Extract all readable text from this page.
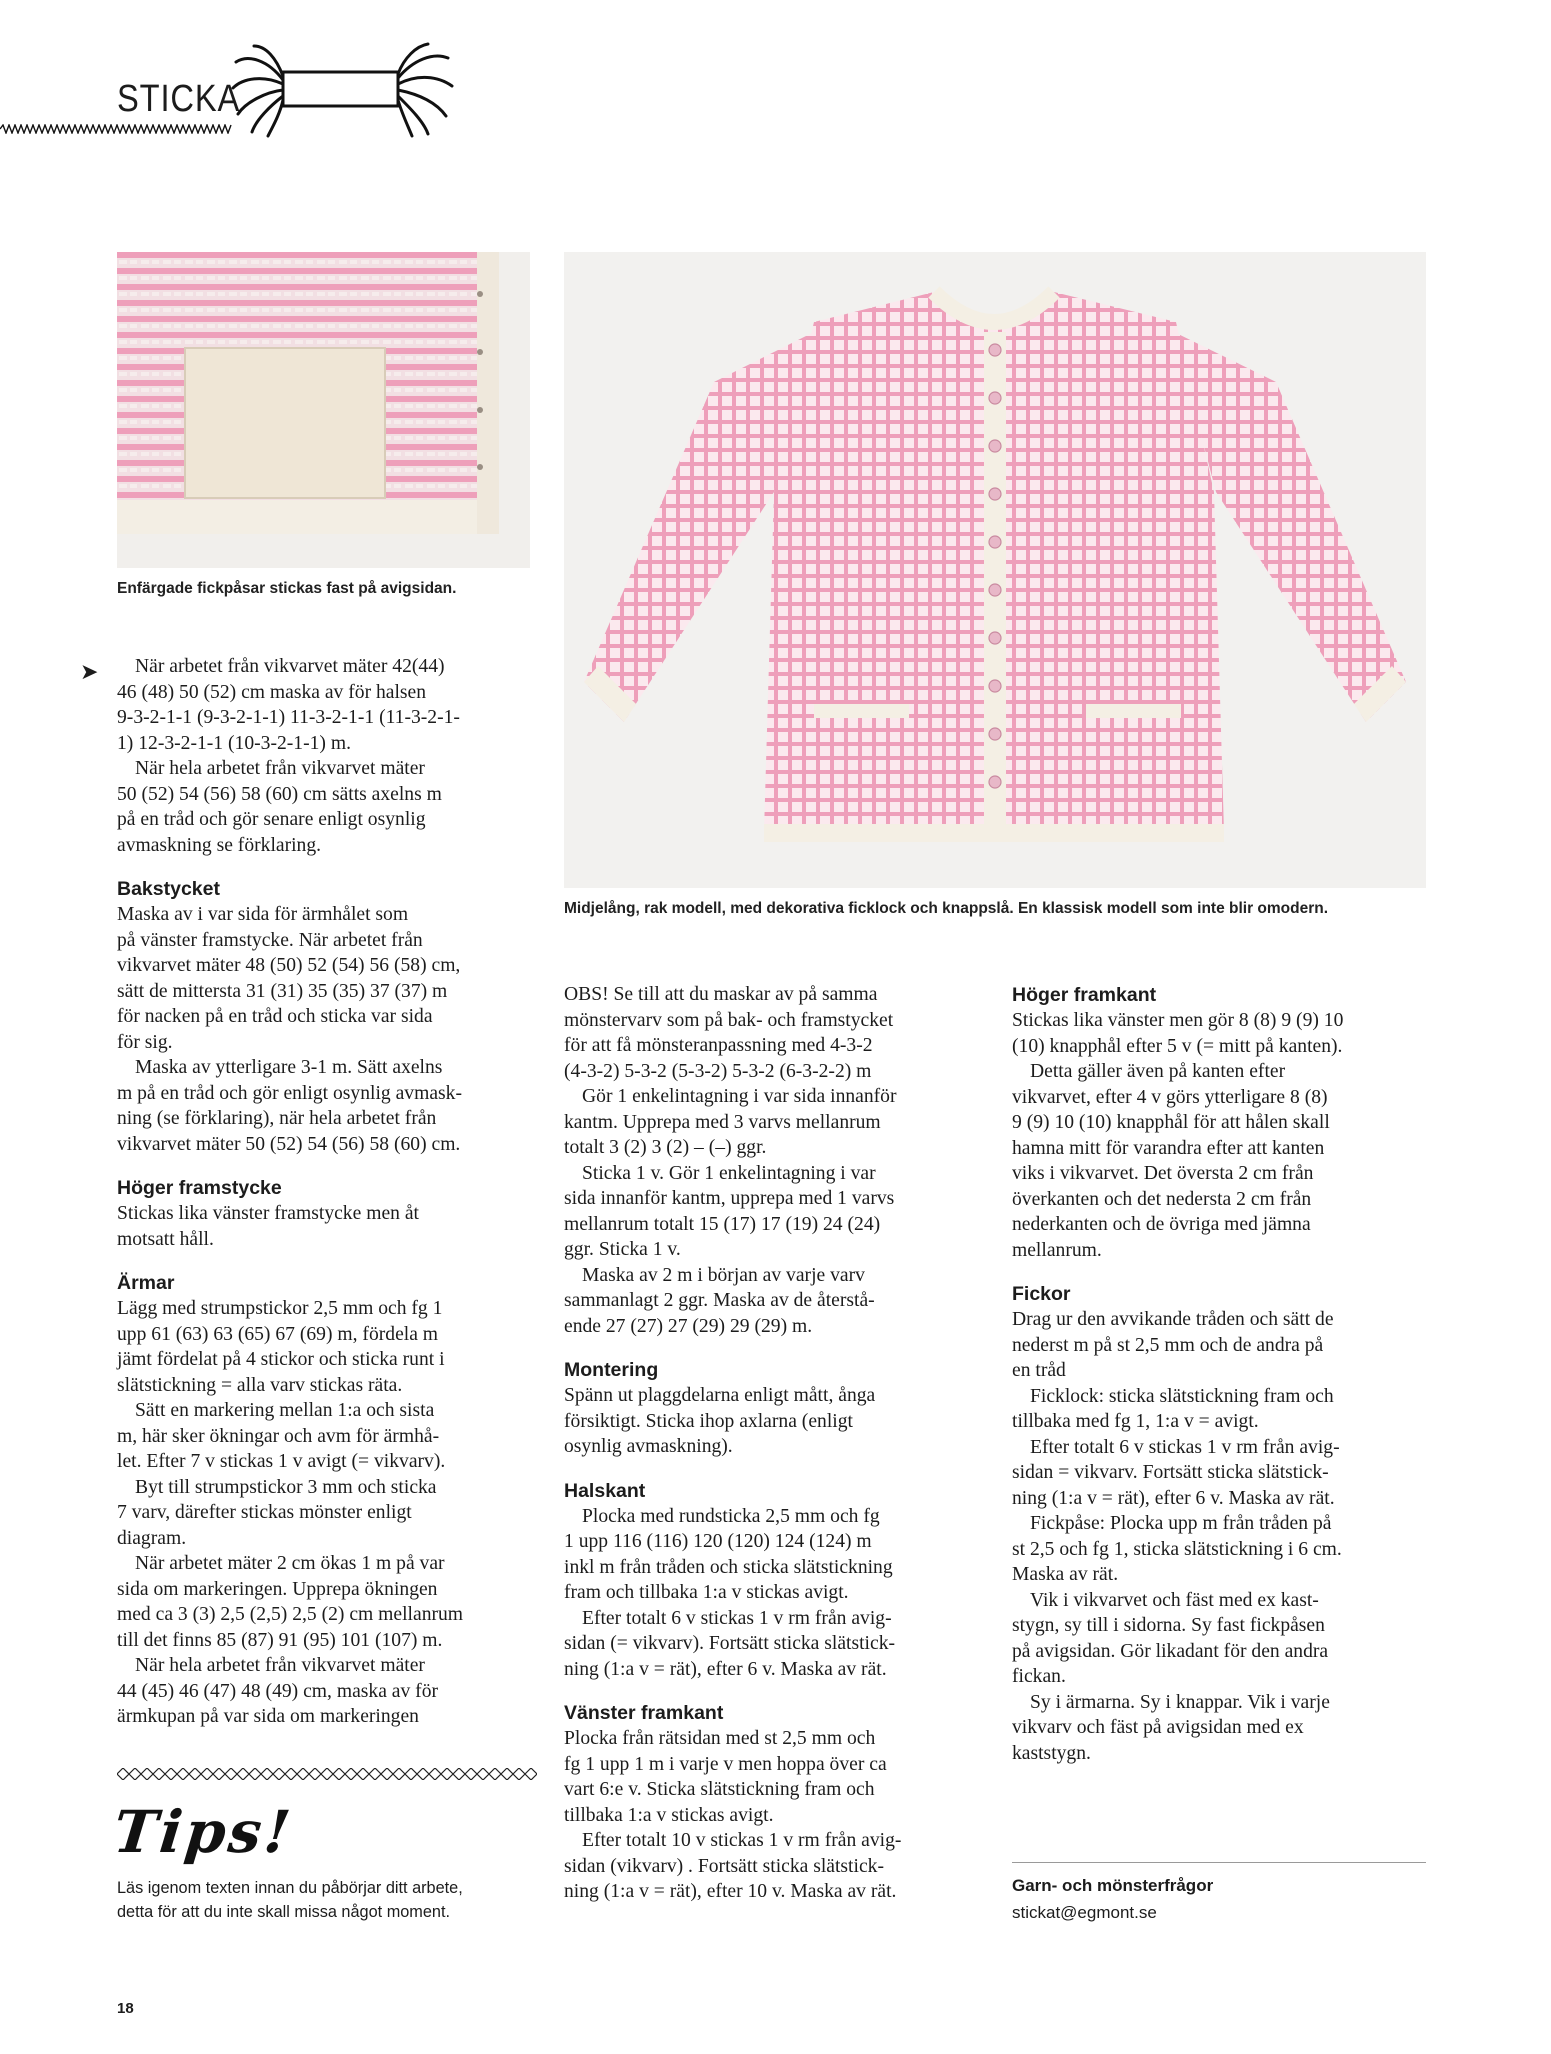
STICKA

Enfärgade fickpåsar stickas fast på avigsidan.

Midjelång, rak modell, med dekorativa ficklock och knappslå. En klassisk modell som inte blir omodern.

➤	När arbetet från vikvarvet mäter 42(44)
46 (48) 50 (52) cm maska av för halsen
9-3-2-1-1 (9-3-2-1-1) 11-3-2-1-1 (11-3-2-1-
1) 12-3-2-1-1 (10-3-2-1-1) m.

När hela arbetet från vikvarvet mäter
50 (52) 54 (56) 58 (60) cm sätts axelns m
på en tråd och gör senare enligt osynlig
avmaskning se förklaring.

Bakstycket

Maska av i var sida för ärmhålet som
på vänster framstycke. När arbetet från
vikvarvet mäter 48 (50) 52 (54) 56 (58) cm,
sätt de mittersta 31 (31) 35 (35) 37 (37) m
för nacken på en tråd och sticka var sida
för sig.

Maska av ytterligare 3-1 m. Sätt axelns
m på en tråd och gör enligt osynlig avmask-
ning (se förklaring), när hela arbetet från
vikvarvet mäter 50 (52) 54 (56) 58 (60) cm.

Höger framstycke

Stickas lika vänster framstycke men åt
motsatt håll.

Ärmar

Lägg med strumpstickor 2,5 mm och fg 1
upp 61 (63) 63 (65) 67 (69) m, fördela m
jämt fördelat på 4 stickor och sticka runt i
slätstickning = alla varv stickas räta.

Sätt en markering mellan 1:a och sista
m, här sker ökningar och avm för ärmhå-
let. Efter 7 v stickas 1 v avigt (= vikvarv).

Byt till strumpstickor 3 mm och sticka
7 varv, därefter stickas mönster enligt
diagram.

När arbetet mäter 2 cm ökas 1 m på var
sida om markeringen. Upprepa ökningen
med ca 3 (3) 2,5 (2,5) 2,5 (2) cm mellanrum
till det finns 85 (87) 91 (95) 101 (107) m.

När hela arbetet från vikvarvet mäter
44 (45) 46 (47) 48 (49) cm, maska av för
ärmkupan på var sida om markeringen

OBS! Se till att du maskar av på samma
mönstervarv som på bak- och framstycket
för att få mönsteranpassning med 4-3-2
(4-3-2) 5-3-2 (5-3-2) 5-3-2 (6-3-2-2) m

Gör 1 enkelintagning i var sida innanför
kantm. Upprepa med 3 varvs mellanrum
totalt 3 (2) 3 (2) – (–) ggr.

Sticka 1 v. Gör 1 enkelintagning i var
sida innanför kantm, upprepa med 1 varvs
mellanrum totalt 15 (17) 17 (19) 24 (24)
ggr. Sticka 1 v.

Maska av 2 m i början av varje varv
sammanlagt 2 ggr. Maska av de återstå-
ende 27 (27) 27 (29) 29 (29) m.

Montering

Spänn ut plaggdelarna enligt mått, ånga
försiktigt. Sticka ihop axlarna (enligt
osynlig avmaskning).

Halskant

Plocka med rundsticka 2,5 mm och fg
1 upp 116 (116) 120 (120) 124 (124) m
inkl m från tråden och sticka slätstickning
fram och tillbaka 1:a v stickas avigt.

Efter totalt 6 v stickas 1 v rm från avig-
sidan (= vikvarv). Fortsätt sticka slätstick-
ning (1:a v = rät), efter 6 v. Maska av rät.

Vänster framkant

Plocka från rätsidan med st 2,5 mm och
fg 1 upp 1 m i varje v men hoppa över ca
vart 6:e v. Sticka slätstickning fram och
tillbaka 1:a v stickas avigt.

Efter totalt 10 v stickas 1 v rm från avig-
sidan (vikvarv) . Fortsätt sticka slätstick-
ning (1:a v = rät), efter 10 v. Maska av rät.

Höger framkant

Stickas lika vänster men gör 8 (8) 9 (9) 10
(10) knapphål efter 5 v (= mitt på kanten).

Detta gäller även på kanten efter
vikvarvet, efter 4 v görs ytterligare 8 (8)
9 (9) 10 (10) knapphål för att hålen skall
hamna mitt för varandra efter att kanten
viks i vikvarvet. Det översta 2 cm från
överkanten och det nedersta 2 cm från
nederkanten och de övriga med jämna
mellanrum.

Fickor

Drag ur den avvikande tråden och sätt de
nederst m på st 2,5 mm och de andra på
en tråd

Ficklock: sticka slätstickning fram och
tillbaka med fg 1, 1:a v = avigt.

Efter totalt 6 v stickas 1 v rm från avig-
sidan = vikvarv. Fortsätt sticka slätstick-
ning (1:a v = rät), efter 6 v. Maska av rät.

Fickpåse: Plocka upp m från tråden på
st 2,5 och fg 1, sticka slätstickning i 6 cm.
Maska av rät.

Vik i vikvarvet och fäst med ex kast-
stygn, sy till i sidorna. Sy fast fickpåsen
på avigsidan. Gör likadant för den andra
fickan.

Sy i ärmarna. Sy i knappar. Vik i varje
vikvarv och fäst på avigsidan med ex
kaststygn.

Tips!

Läs igenom texten innan du påbörjar ditt arbete,
detta för att du inte skall missa något moment.

Garn- och mönsterfrågor

stickat@egmont.se

18
